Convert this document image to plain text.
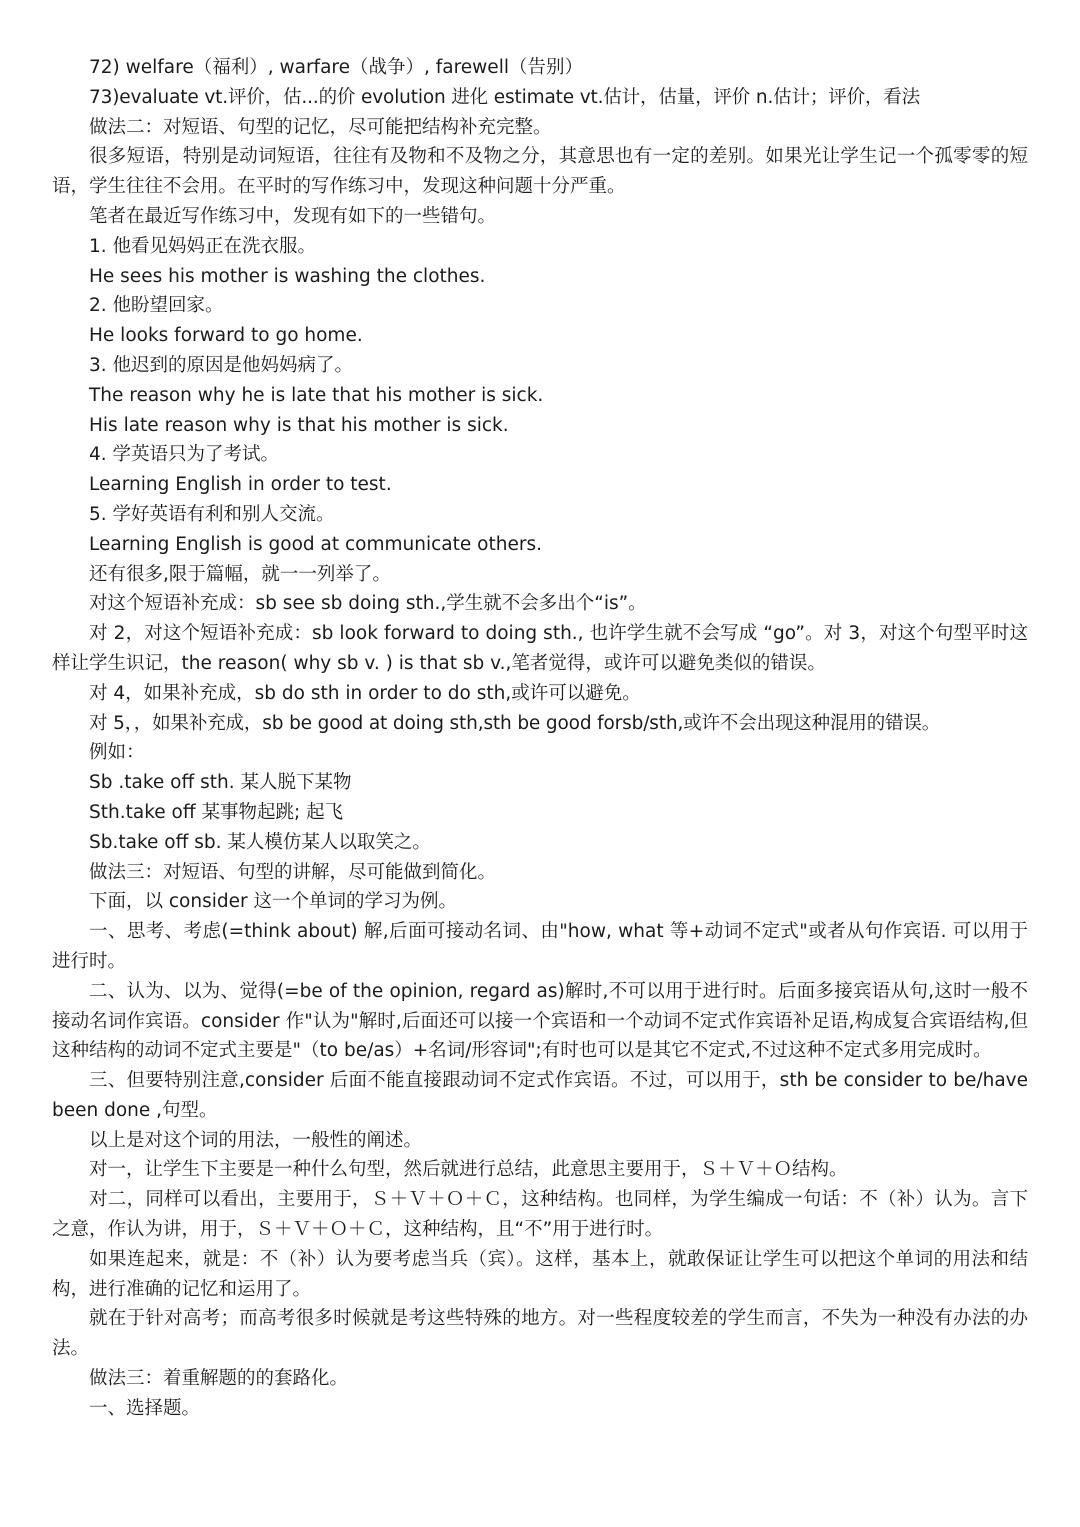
72) welfare（福利）, warfare（战争）, farewell（告别）

73)evaluate vt.评价，估...的价 evolution 进化 estimate vt.估计，估量，评价 n.估计；评价，看法

做法二：对短语、句型的记忆，尽可能把结构补充完整。

很多短语，特别是动词短语，往往有及物和不及物之分，其意思也有一定的差别。如果光让学生记一个孤零零的短语，学生往往不会用。在平时的写作练习中，发现这种问题十分严重。

笔者在最近写作练习中，发现有如下的一些错句。

1. 他看见妈妈正在洗衣服。

He sees his mother is washing the clothes.

2. 他盼望回家。

He looks forward to go home.

3. 他迟到的原因是他妈妈病了。

The reason why he is late that his mother is sick.

His late reason why is that his mother is sick.

4. 学英语只为了考试。

Learning English in order to test.

5. 学好英语有利和别人交流。

Learning English is good at communicate others.

还有很多,限于篇幅，就一一列举了。

对这个短语补充成：sb see sb doing sth.,学生就不会多出个“is”。

对 2，对这个短语补充成：sb look forward to doing sth., 也许学生就不会写成 “go”。对 3，对这个句型平时这样让学生识记，the reason( why sb v. ) is that sb v.,笔者觉得，或许可以避免类似的错误。

对 4，如果补充成，sb do sth in order to do sth,或许可以避免。

对 5，，如果补充成，sb be good at doing sth,sth be good forsb/sth,或许不会出现这种混用的错误。

例如：

Sb .take off sth. 某人脱下某物

Sth.take off 某事物起跳; 起飞

Sb.take off sb. 某人模仿某人以取笑之。

做法三：对短语、句型的讲解，尽可能做到简化。

下面，以 consider 这一个单词的学习为例。

一、思考、考虑(=think about) 解,后面可接动名词、由"how, what 等+动词不定式"或者从句作宾语. 可以用于进行时。

二、认为、以为、觉得(=be of the opinion, regard as)解时,不可以用于进行时。后面多接宾语从句,这时一般不接动名词作宾语。consider 作"认为"解时,后面还可以接一个宾语和一个动词不定式作宾语补足语,构成复合宾语结构,但这种结构的动词不定式主要是"（to be/as）+名词/形容词";有时也可以是其它不定式,不过这种不定式多用完成时。

三、但要特别注意,consider 后面不能直接跟动词不定式作宾语。不过，可以用于，sth be consider to be/have been done ,句型。

以上是对这个词的用法，一般性的阐述。

对一，让学生下主要是一种什么句型，然后就进行总结，此意思主要用于，Ｓ＋Ｖ＋Ｏ结构。

对二，同样可以看出，主要用于，Ｓ＋Ｖ＋Ｏ＋Ｃ，这种结构。也同样，为学生编成一句话：不（补）认为。言下之意，作认为讲，用于，Ｓ＋Ｖ＋Ｏ＋Ｃ，这种结构，且“不”用于进行时。

如果连起来，就是：不（补）认为要考虑当兵（宾）。这样，基本上，就敢保证让学生可以把这个单词的用法和结构，进行准确的记忆和运用了。

就在于针对高考；而高考很多时候就是考这些特殊的地方。对一些程度较差的学生而言，不失为一种没有办法的办法。

做法三：着重解题的的套路化。

一、选择题。
